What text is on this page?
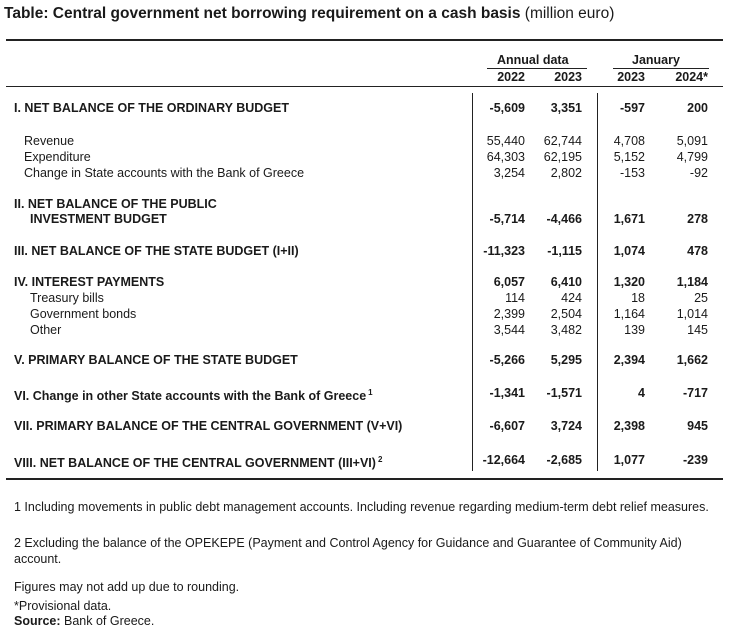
Table: Central government net borrowing requirement on a cash basis (million euro)
Annual data	January
2022	2023	2023	2024*
I. NET BALANCE OF THE ORDINARY BUDGET	-5,609	3,351	-597	200
Revenue	55,440	62,744	4,708	5,091
Expenditure	64,303	62,195	5,152	4,799
Change in State accounts with the Bank of Greece	3,254	2,802	-153	-92
II. NET BALANCE OF THE PUBLIC
INVESTMENT BUDGET	-5,714	-4,466	1,671	278
III. NET BALANCE OF THE STATE BUDGET (I+II)	-11,323	-1,115	1,074	478
IV. INTEREST PAYMENTS	6,057	6,410	1,320	1,184
Treasury bills	114	424	18	25
Government bonds	2,399	2,504	1,164	1,014
Other	3,544	3,482	139	145
V. PRIMARY BALANCE OF THE STATE BUDGET	-5,266	5,295	2,394	1,662
VI. Change in other State accounts with the Bank of Greece $^1$	-1,341	-1,571	4	-717
VII. PRIMARY BALANCE OF THE CENTRAL GOVERNMENT (V+VI)	-6,607	3,724	2,398	945
VIII. NET BALANCE OF THE CENTRAL GOVERNMENT (III+VI) $^2$	-12,664	-2,685	1,077	-239
1 Including movements in public debt management accounts. Including revenue regarding medium-term debt relief measures.
2 Excluding the balance of the OPEKEPE (Payment and Control Agency for Guidance and Guarantee of Community Aid) account.
Figures may not add up due to rounding.
*Provisional data.
Source: Bank of Greece.
